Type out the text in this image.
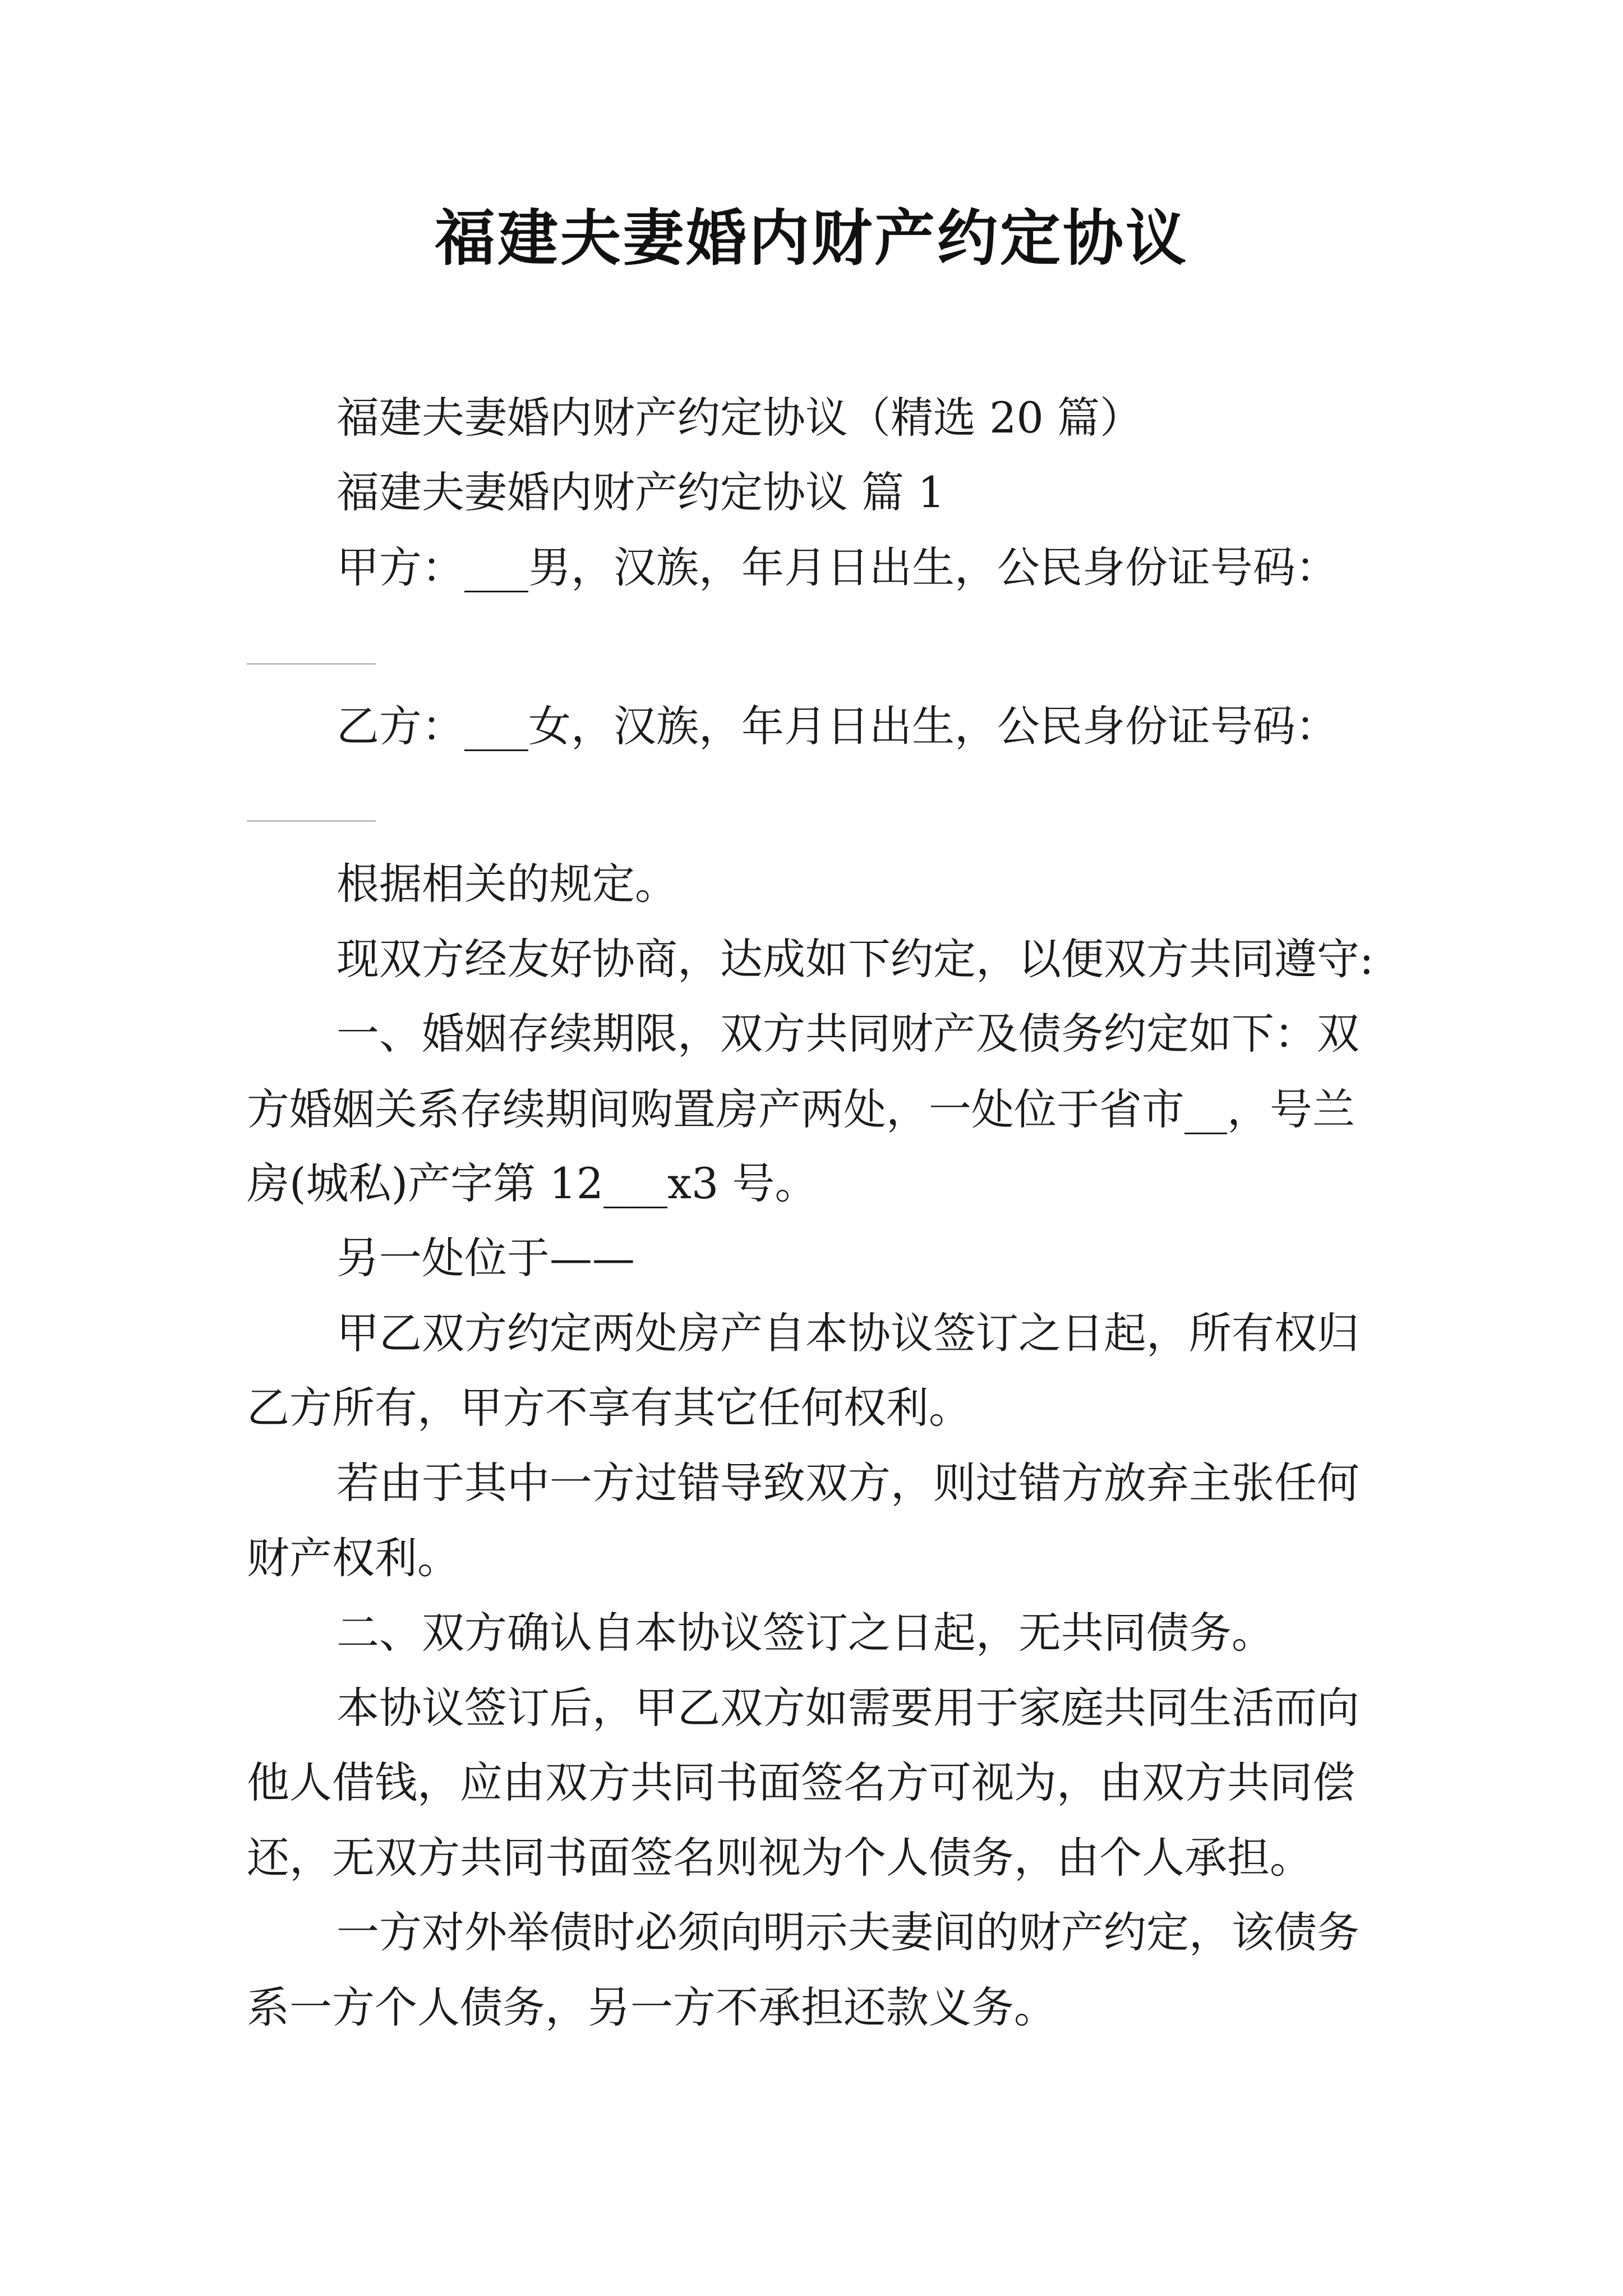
福建夫妻婚内财产约定协议
福建夫妻婚内财产约定协议（精选 20 篇）
福建夫妻婚内财产约定协议 篇 1
甲方：___男，汉族，年月日出生，公民身份证号码：
乙方：___女，汉族，年月日出生，公民身份证号码：
根据相关的规定。
现双方经友好协商，达成如下约定，以便双方共同遵守:
一、婚姻存续期限，双方共同财产及债务约定如下：双
方婚姻关系存续期间购置房产两处，一处位于省市__，号兰
房(城私)产字第 12___x3 号。
另一处位于——
甲乙双方约定两处房产自本协议签订之日起，所有权归
乙方所有，甲方不享有其它任何权利。
若由于其中一方过错导致双方，则过错方放弃主张任何
财产权利。
二、双方确认自本协议签订之日起，无共同债务。
本协议签订后，甲乙双方如需要用于家庭共同生活而向
他人借钱，应由双方共同书面签名方可视为，由双方共同偿
还，无双方共同书面签名则视为个人债务，由个人承担。
一方对外举债时必须向明示夫妻间的财产约定，该债务
系一方个人债务，另一方不承担还款义务。
